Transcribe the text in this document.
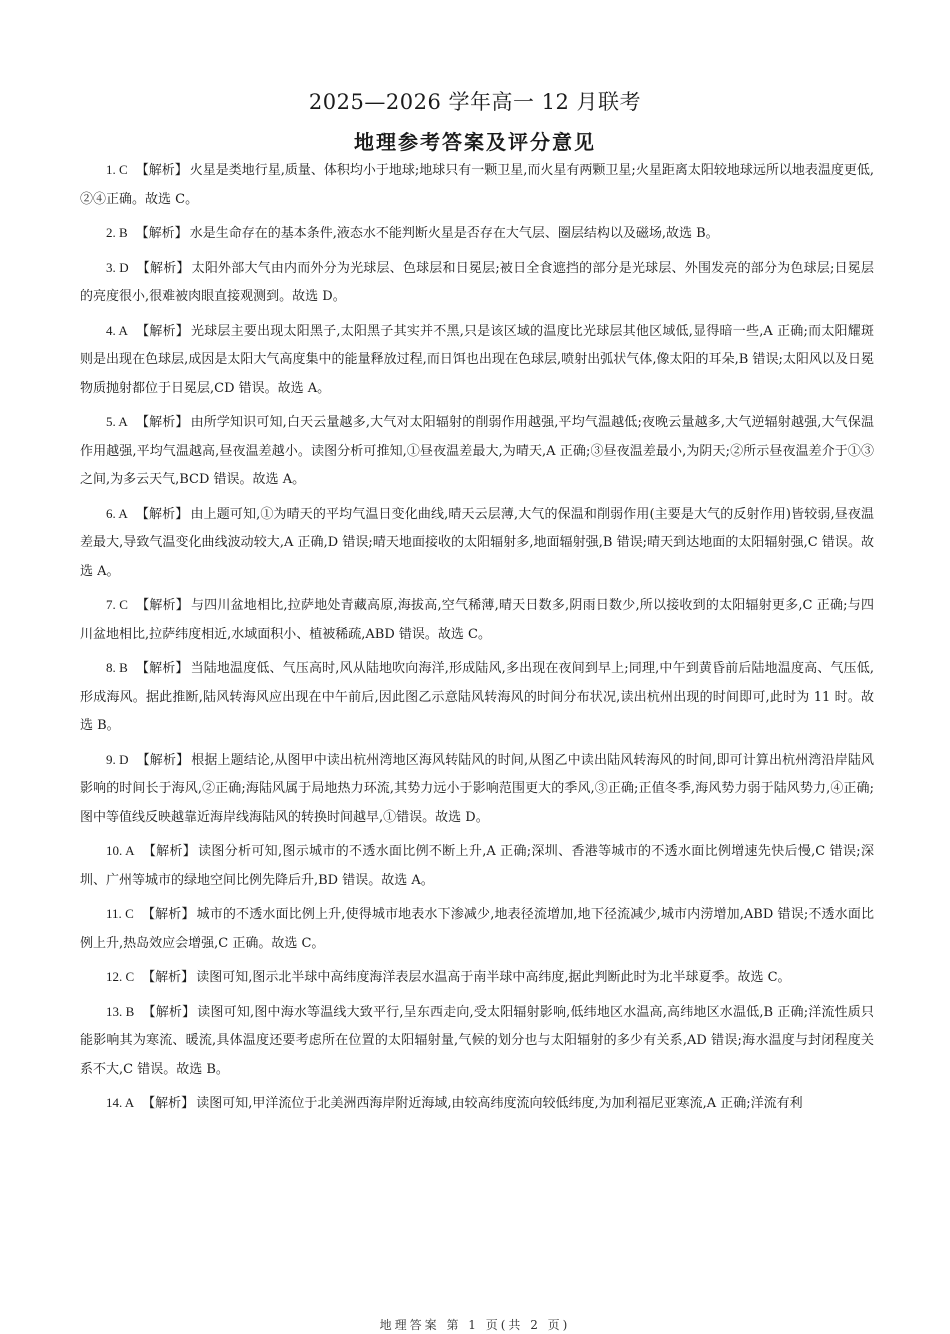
2025—2026 学年高一 12 月联考
地理参考答案及评分意见

1. C 【解析】 火星是类地行星,质量、体积均小于地球;地球只有一颗卫星,而火星有两颗卫星;火星距离太阳较地球远所以地表温度更低,②④正确。故选 C。

2. B 【解析】 水是生命存在的基本条件,液态水不能判断火星是否存在大气层、圈层结构以及磁场,故选 B。

3. D 【解析】 太阳外部大气由内而外分为光球层、色球层和日冕层;被日全食遮挡的部分是光球层、外围发亮的部分为色球层;日冕层的亮度很小,很难被肉眼直接观测到。故选 D。

4. A 【解析】 光球层主要出现太阳黑子,太阳黑子其实并不黑,只是该区域的温度比光球层其他区域低,显得暗一些,A 正确;而太阳耀斑则是出现在色球层,成因是太阳大气高度集中的能量释放过程,而日饵也出现在色球层,喷射出弧状气体,像太阳的耳朵,B 错误;太阳风以及日冕物质抛射都位于日冕层,CD 错误。故选 A。

5. A 【解析】 由所学知识可知,白天云量越多,大气对太阳辐射的削弱作用越强,平均气温越低;夜晚云量越多,大气逆辐射越强,大气保温作用越强,平均气温越高,昼夜温差越小。读图分析可推知,①昼夜温差最大,为晴天,A 正确;③昼夜温差最小,为阴天;②所示昼夜温差介于①③之间,为多云天气,BCD 错误。故选 A。

6. A 【解析】 由上题可知,①为晴天的平均气温日变化曲线,晴天云层薄,大气的保温和削弱作用(主要是大气的反射作用)皆较弱,昼夜温差最大,导致气温变化曲线波动较大,A 正确,D 错误;晴天地面接收的太阳辐射多,地面辐射强,B 错误;晴天到达地面的太阳辐射强,C 错误。故选 A。

7. C 【解析】 与四川盆地相比,拉萨地处青藏高原,海拔高,空气稀薄,晴天日数多,阴雨日数少,所以接收到的太阳辐射更多,C 正确;与四川盆地相比,拉萨纬度相近,水域面积小、植被稀疏,ABD 错误。故选 C。

8. B 【解析】 当陆地温度低、气压高时,风从陆地吹向海洋,形成陆风,多出现在夜间到早上;同理,中午到黄昏前后陆地温度高、气压低,形成海风。据此推断,陆风转海风应出现在中午前后,因此图乙示意陆风转海风的时间分布状况,读出杭州出现的时间即可,此时为 11 时。故选 B。

9. D 【解析】 根据上题结论,从图甲中读出杭州湾地区海风转陆风的时间,从图乙中读出陆风转海风的时间,即可计算出杭州湾沿岸陆风影响的时间长于海风,②正确;海陆风属于局地热力环流,其势力远小于影响范围更大的季风,③正确;正值冬季,海风势力弱于陆风势力,④正确;图中等值线反映越靠近海岸线海陆风的转换时间越早,①错误。故选 D。

10. A 【解析】 读图分析可知,图示城市的不透水面比例不断上升,A 正确;深圳、香港等城市的不透水面比例增速先快后慢,C 错误;深圳、广州等城市的绿地空间比例先降后升,BD 错误。故选 A。

11. C 【解析】 城市的不透水面比例上升,使得城市地表水下渗减少,地表径流增加,地下径流减少,城市内涝增加,ABD 错误;不透水面比例上升,热岛效应会增强,C 正确。故选 C。

12. C 【解析】 读图可知,图示北半球中高纬度海洋表层水温高于南半球中高纬度,据此判断此时为北半球夏季。故选 C。

13. B 【解析】 读图可知,图中海水等温线大致平行,呈东西走向,受太阳辐射影响,低纬地区水温高,高纬地区水温低,B 正确;洋流性质只能影响其为寒流、暖流,具体温度还要考虑所在位置的太阳辐射量,气候的划分也与太阳辐射的多少有关系,AD 错误;海水温度与封闭程度关系不大,C 错误。故选 B。

14. A 【解析】 读图可知,甲洋流位于北美洲西海岸附近海域,由较高纬度流向较低纬度,为加利福尼亚寒流,A 正确;洋流有利

地理答案 第 1 页(共 2 页)
